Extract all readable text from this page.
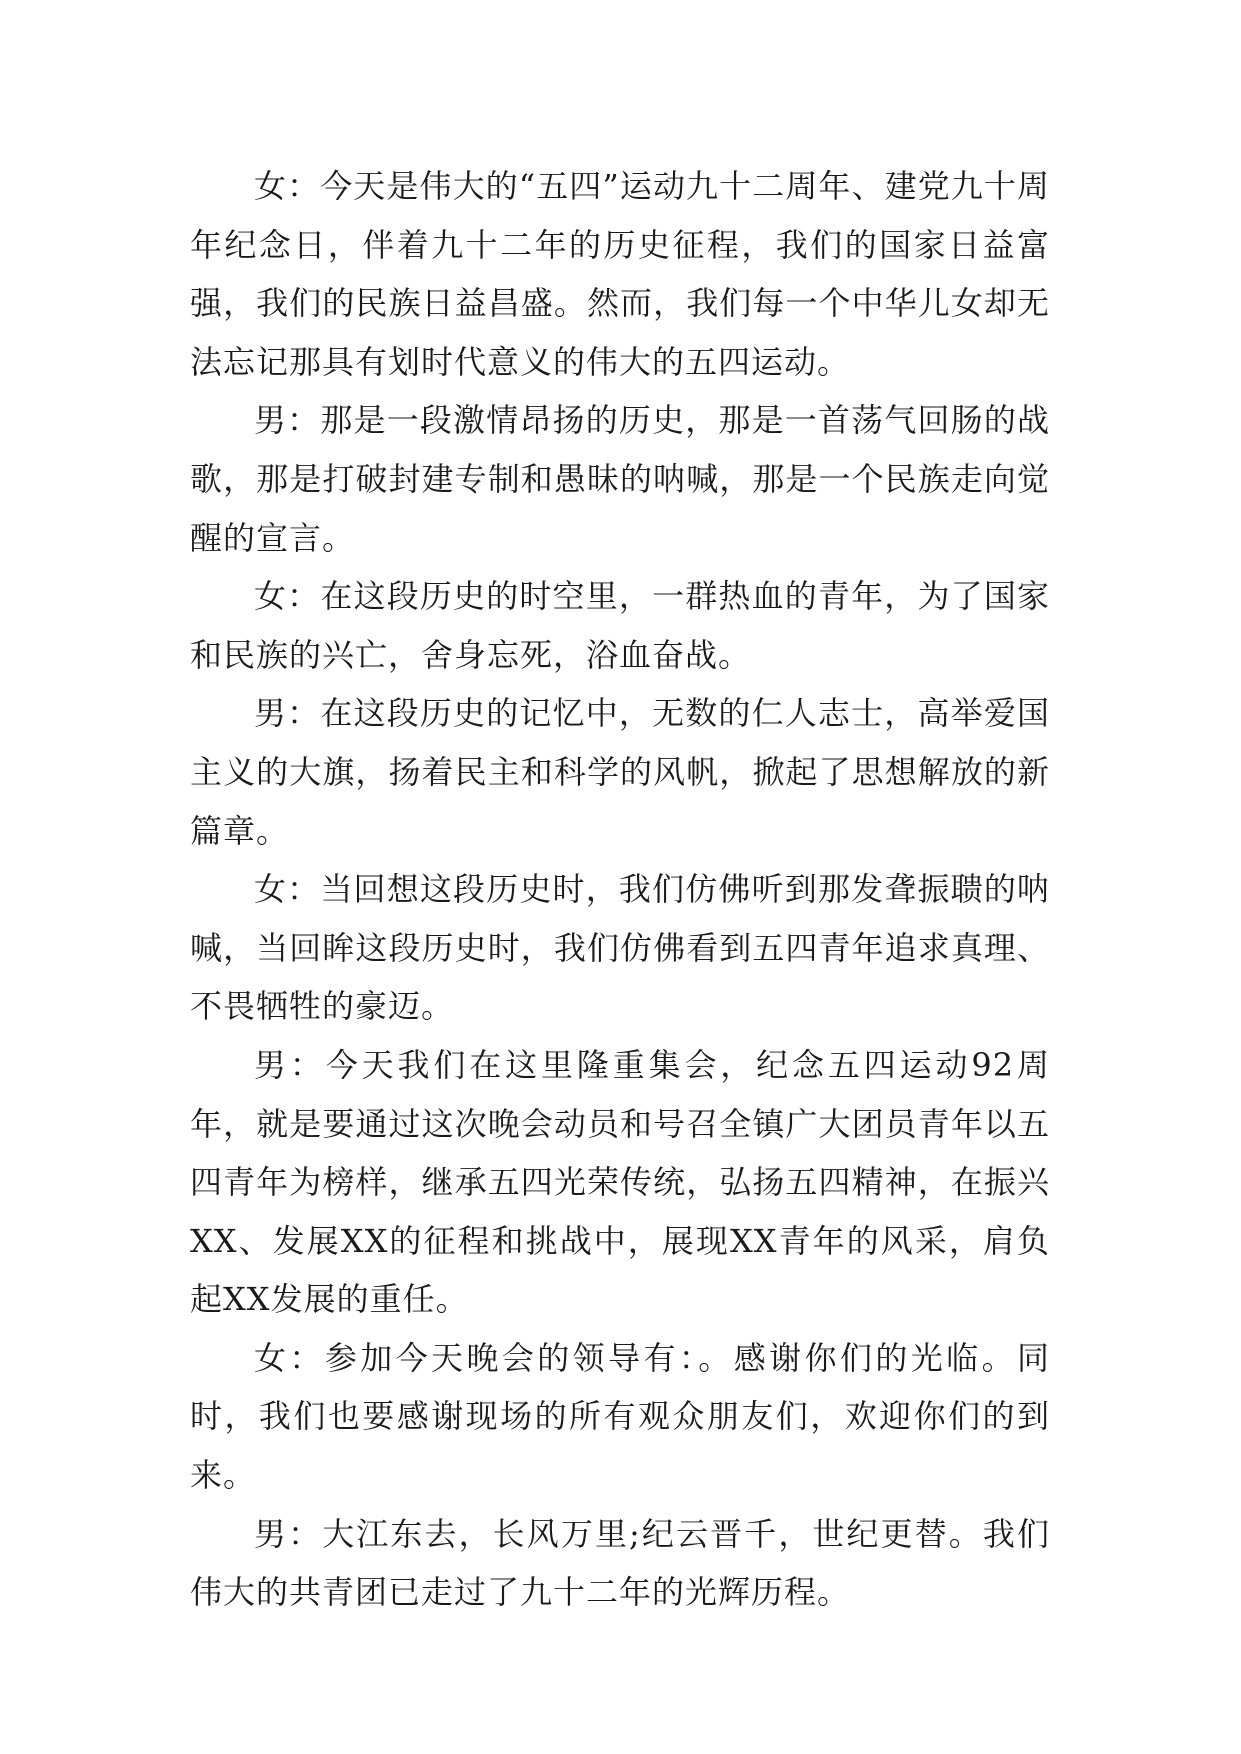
女：今天是伟大的“五四”运动九十二周年、建党九十周年纪念日，伴着九十二年的历史征程，我们的国家日益富强，我们的民族日益昌盛。然而，我们每一个中华儿女却无法忘记那具有划时代意义的伟大的五四运动。

男：那是一段激情昂扬的历史，那是一首荡气回肠的战歌，那是打破封建专制和愚昧的呐喊，那是一个民族走向觉醒的宣言。

女：在这段历史的时空里，一群热血的青年，为了国家和民族的兴亡，舍身忘死，浴血奋战。

男：在这段历史的记忆中，无数的仁人志士，高举爱国主义的大旗，扬着民主和科学的风帆，掀起了思想解放的新篇章。

女：当回想这段历史时，我们仿佛听到那发聋振聩的呐喊，当回眸这段历史时，我们仿佛看到五四青年追求真理、不畏牺牲的豪迈。

男：今天我们在这里隆重集会，纪念五四运动92周年，就是要通过这次晚会动员和号召全镇广大团员青年以五四青年为榜样，继承五四光荣传统，弘扬五四精神，在振兴XX、发展XX的征程和挑战中，展现XX青年的风采，肩负起XX发展的重任。

女：参加今天晚会的领导有：。感谢你们的光临。同时，我们也要感谢现场的所有观众朋友们，欢迎你们的到来。

男：大江东去，长风万里;纪云晋千，世纪更替。我们伟大的共青团已走过了九十二年的光辉历程。
